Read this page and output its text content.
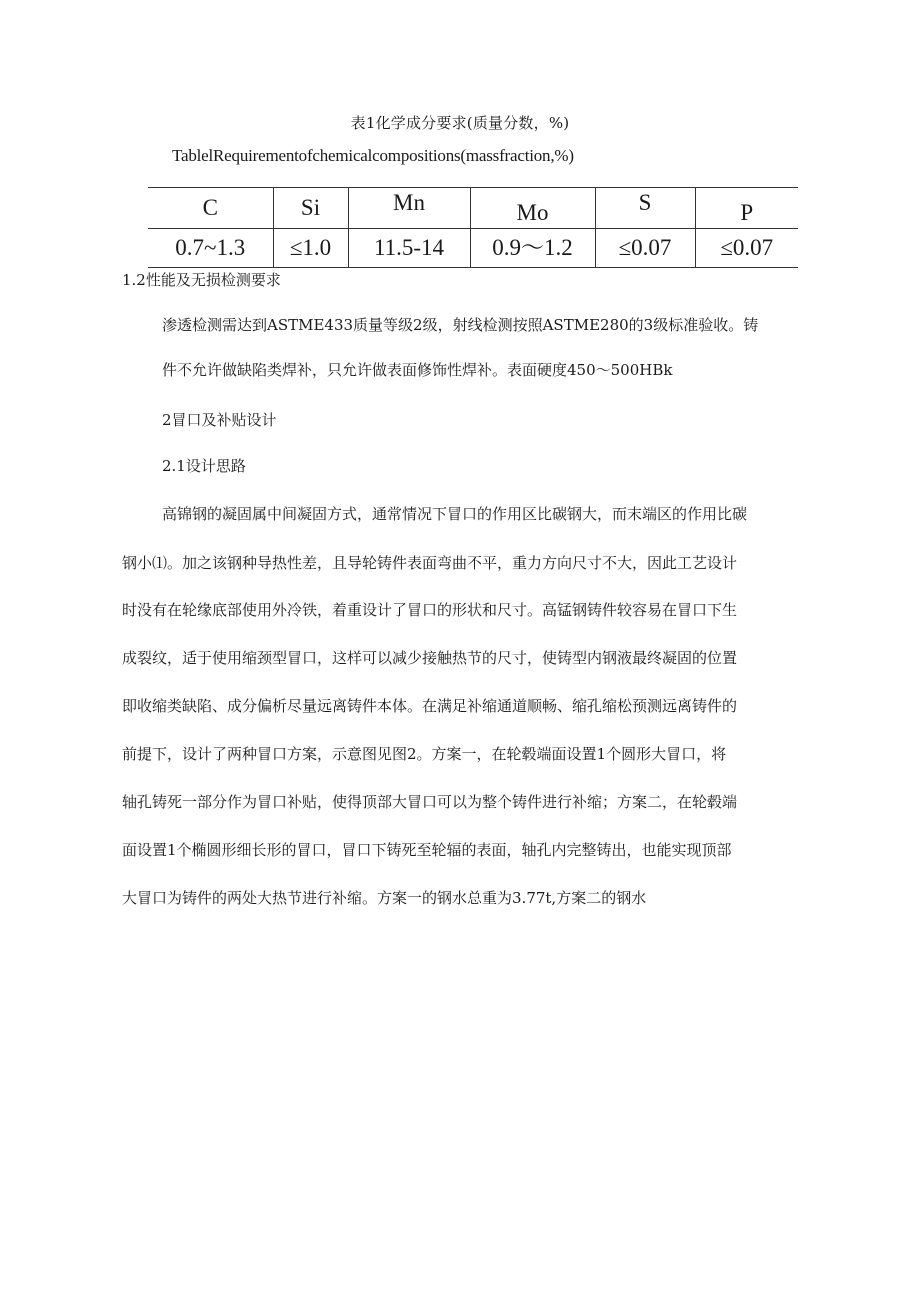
表1化学成分要求(质量分数，%)
TablelRequirementofchemicalcompositions(massfraction,%)
C	Si	Mn	Mo	S	P
0.7~1.3	≤1.0	11.5-14	0.9～1.2	≤0.07	≤0.07
1.2性能及无损检测要求
渗透检测需达到ASTME433质量等级2级，射线检测按照ASTME280的3级标准验收。铸
件不允许做缺陷类焊补，只允许做表面修饰性焊补。表面硬度450～500HBk
2冒口及补贴设计
2.1设计思路
高锦钢的凝固属中间凝固方式，通常情况下冒口的作用区比碳钢大，而末端区的作用比碳
钢小⑴。加之该钢种导热性差，且导轮铸件表面弯曲不平，重力方向尺寸不大，因此工艺设计
时没有在轮缘底部使用外冷铁，着重设计了冒口的形状和尺寸。高锰钢铸件较容易在冒口下生
成裂纹，适于使用缩颈型冒口，这样可以减少接触热节的尺寸，使铸型内钢液最终凝固的位置
即收缩类缺陷、成分偏析尽量远离铸件本体。在满足补缩通道顺畅、缩孔缩松预测远离铸件的
前提下，设计了两种冒口方案，示意图见图2。方案一，在轮毂端面设置1个圆形大冒口，将
轴孔铸死一部分作为冒口补贴，使得顶部大冒口可以为整个铸件进行补缩；方案二，在轮毂端
面设置1个椭圆形细长形的冒口，冒口下铸死至轮辐的表面，轴孔内完整铸出，也能实现顶部
大冒口为铸件的两处大热节进行补缩。方案一的钢水总重为3.77t,方案二的钢水
